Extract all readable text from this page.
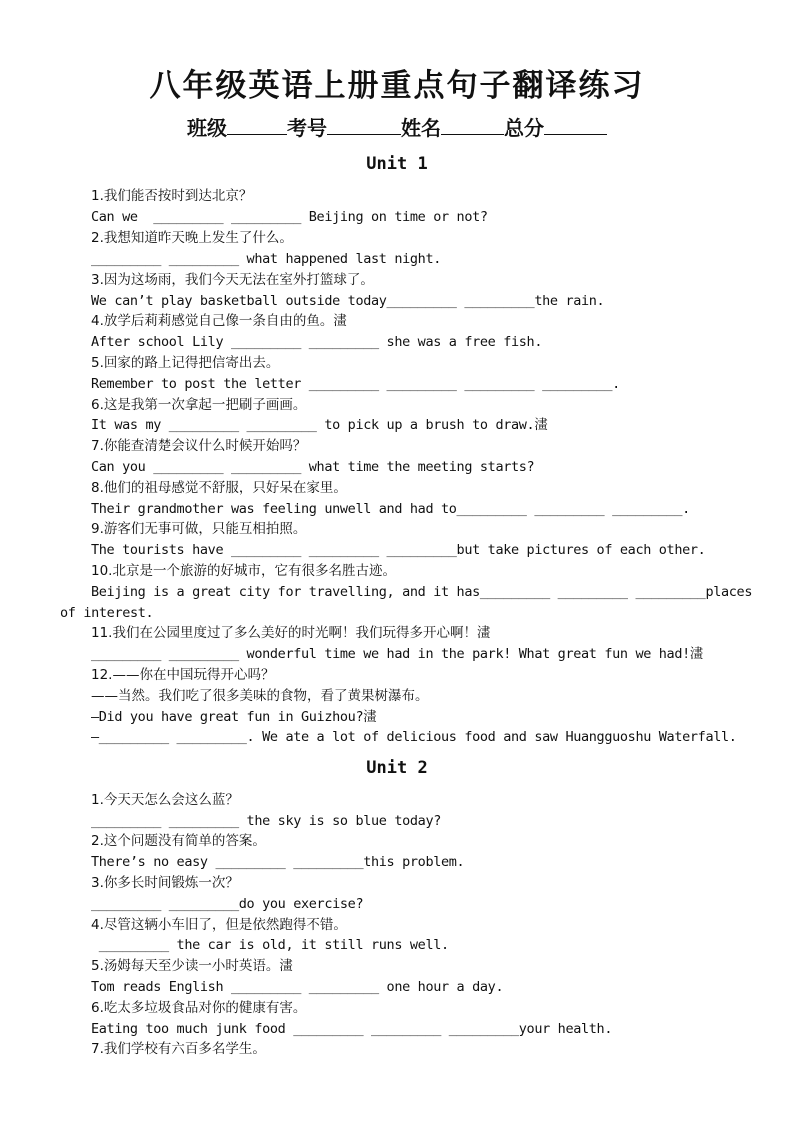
八年级英语上册重点句子翻译练习
班级	考号	姓名	总分
Unit 1
1.我们能否按时到达北京？
Can we  _________ _________ Beijing on time or not?
2.我想知道昨天晚上发生了什么。
_________ _________ what happened last night.
3.因为这场雨，我们今天无法在室外打篮球了。
We can’t play basketball outside today_________ _________the rain.
4.放学后莉莉感觉自己像一条自由的鱼。澅
After school Lily _________ _________ she was a free fish.
5.回家的路上记得把信寄出去。
Remember to post the letter _________ _________ _________ _________.
6.这是我第一次拿起一把刷子画画。
It was my _________ _________ to pick up a brush to draw.澅
7.你能查清楚会议什么时候开始吗？
Can you _________ _________ what time the meeting starts?
8.他们的祖母感觉不舒服，只好呆在家里。
Their grandmother was feeling unwell and had to_________ _________ _________.
9.游客们无事可做，只能互相拍照。
The tourists have _________ _________ _________but take pictures of each other.
10.北京是一个旅游的好城市，它有很多名胜古迹。
Beijing is a great city for travelling, and it has_________ _________ _________places
of interest.
11.我们在公园里度过了多么美好的时光啊！我们玩得多开心啊！澅
_________ _________ wonderful time we had in the park! What great fun we had!澅
12.——你在中国玩得开心吗？
——当然。我们吃了很多美味的食物，看了黄果树瀑布。
—Did you have great fun in Guizhou?澅
—_________ _________. We ate a lot of delicious food and saw Huangguoshu Waterfall.
Unit 2
1.今天天怎么会这么蓝？
_________ _________ the sky is so blue today?
2.这个问题没有简单的答案。
There’s no easy _________ _________this problem.
3.你多长时间锻炼一次？
_________ _________do you exercise?
4.尽管这辆小车旧了，但是依然跑得不错。
_________ the car is old, it still runs well.
5.汤姆每天至少读一小时英语。澅
Tom reads English _________ _________ one hour a day.
6.吃太多垃圾食品对你的健康有害。
Eating too much junk food _________ _________ _________your health.
7.我们学校有六百多名学生。
